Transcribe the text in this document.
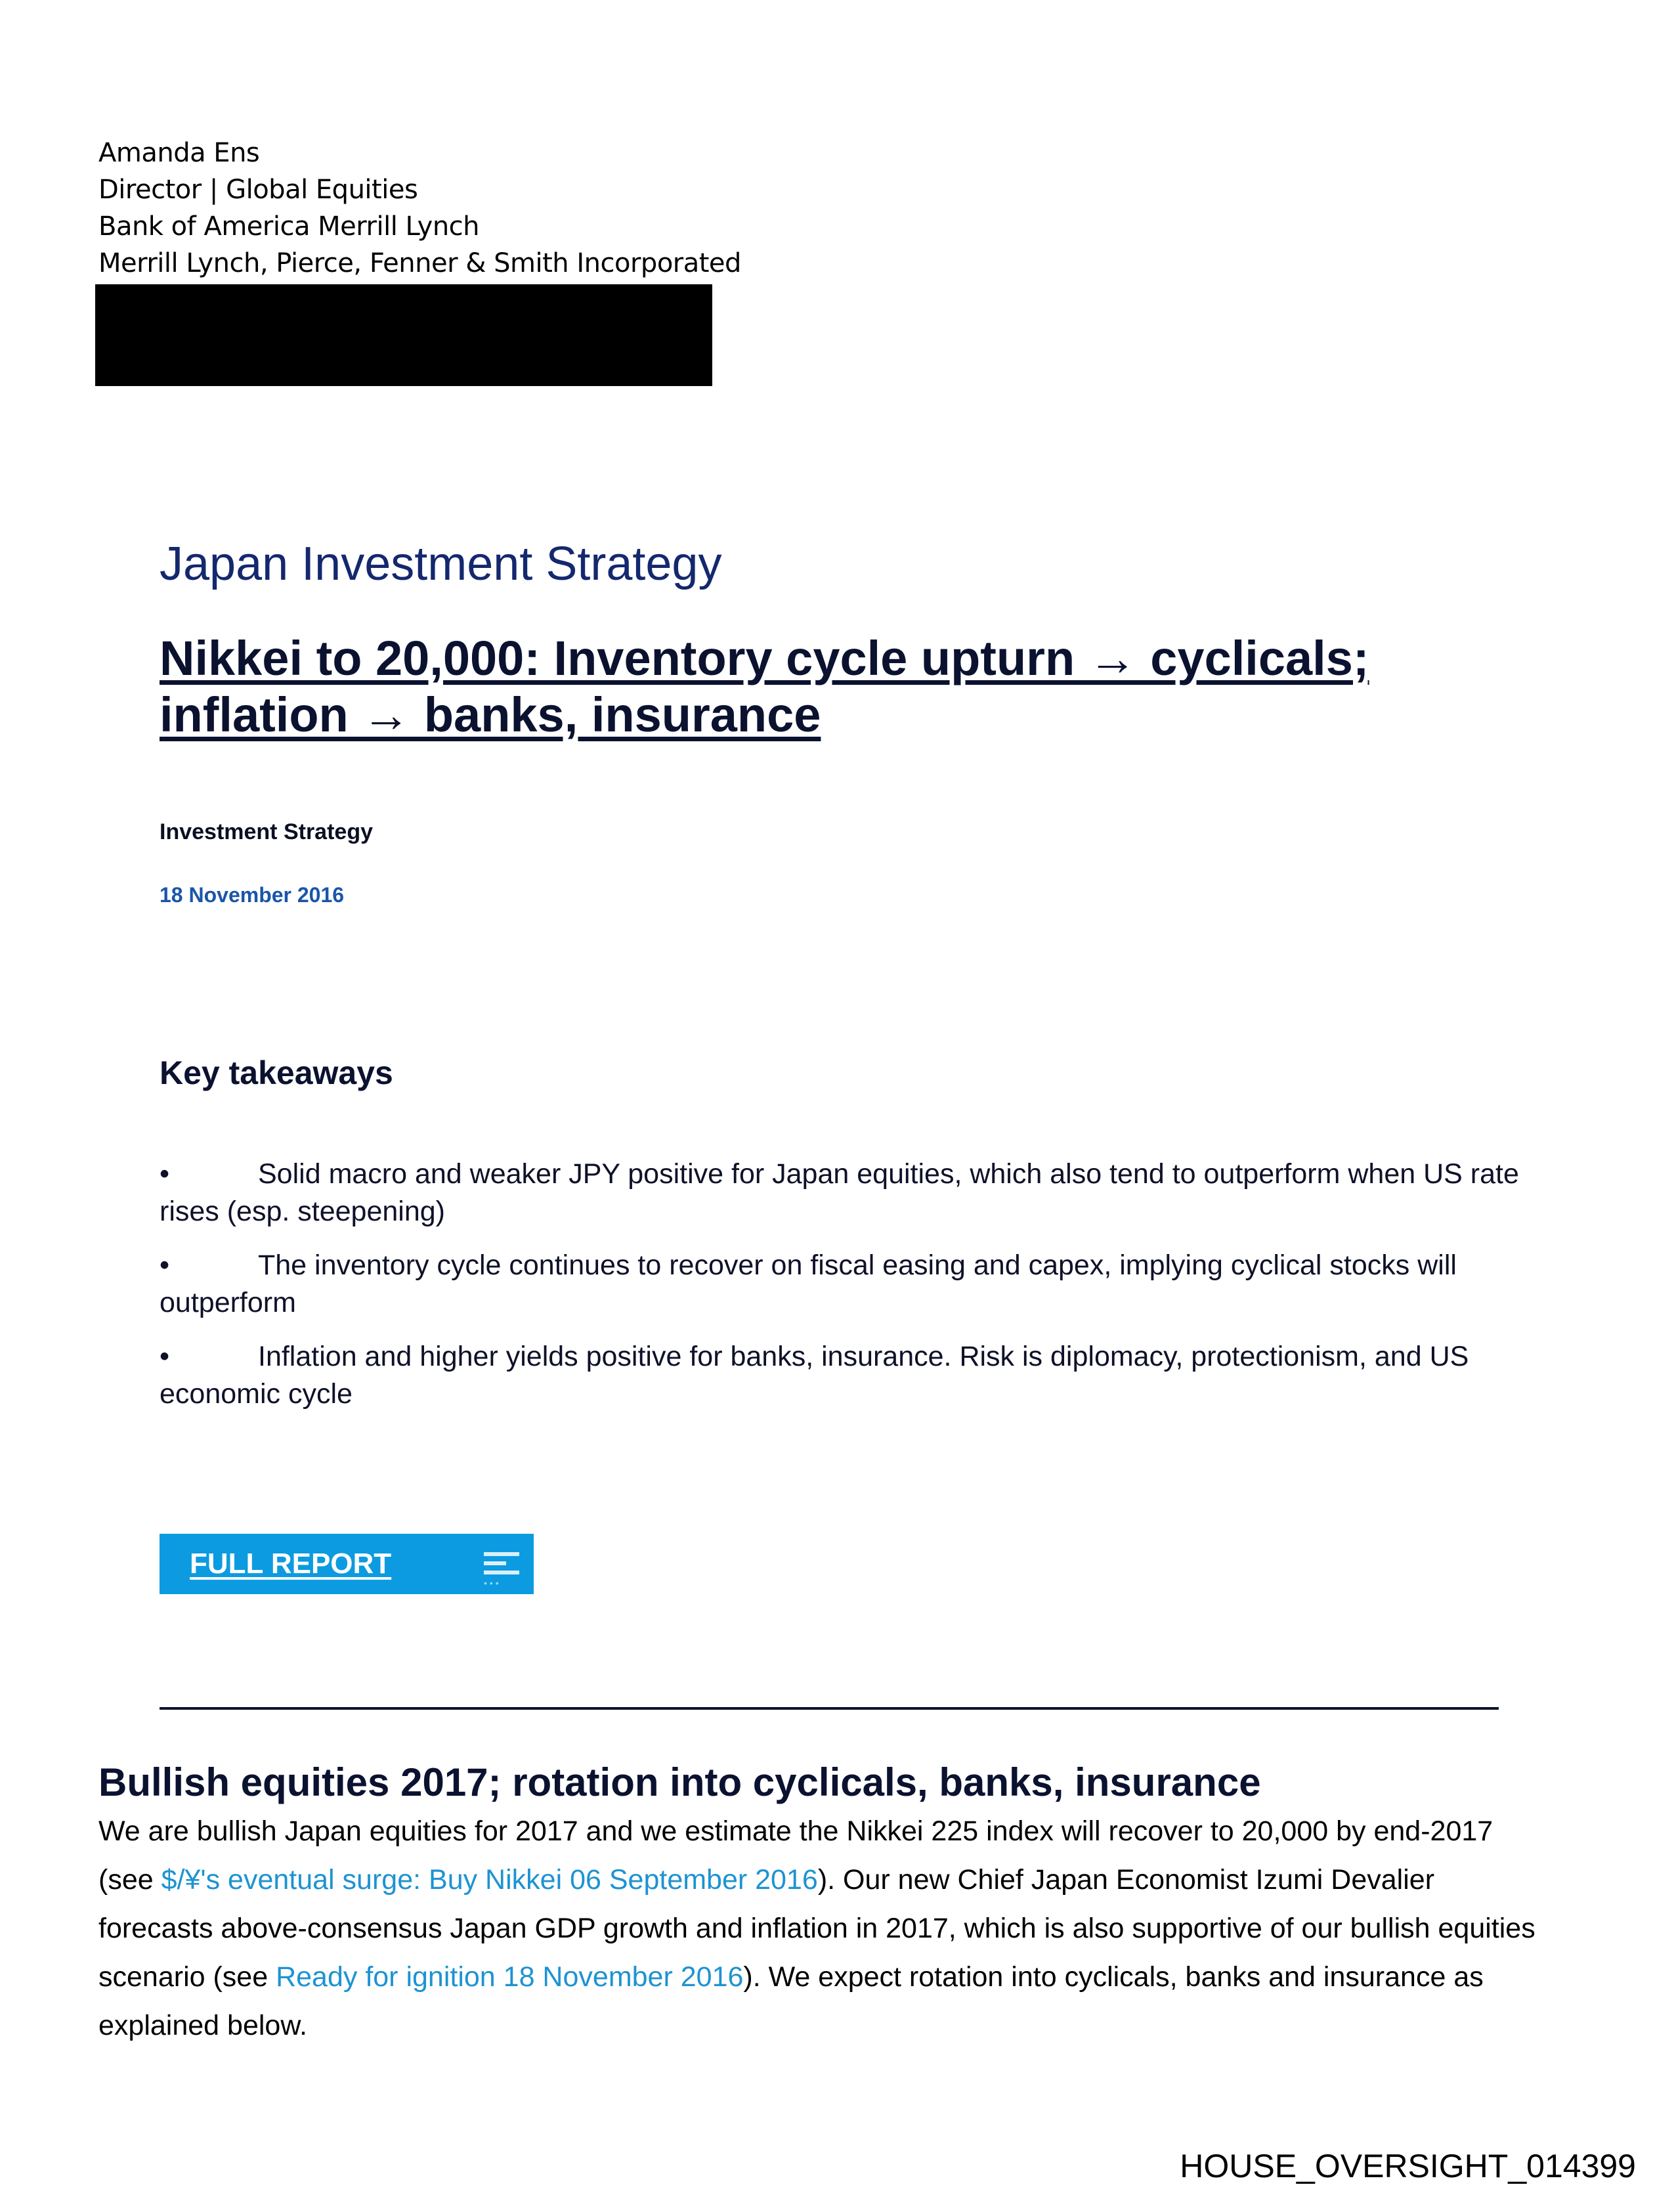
Amanda Ens
Director | Global Equities
Bank of America Merrill Lynch
Merrill Lynch, Pierce, Fenner & Smith Incorporated
Japan Investment Strategy
Nikkei to 20,000: Inventory cycle upturn → cyclicals;
inflation → banks, insurance
Investment Strategy
18 November 2016
Key takeaways
•	Solid macro and weaker JPY positive for Japan equities, which also tend to outperform when US rate rises (esp. steepening)
•	The inventory cycle continues to recover on fiscal easing and capex, implying cyclical stocks will outperform
•	Inflation and higher yields positive for banks, insurance. Risk is diplomacy, protectionism, and US economic cycle
FULL REPORT
•••
Bullish equities 2017; rotation into cyclicals, banks, insurance
We are bullish Japan equities for 2017 and we estimate the Nikkei 225 index will recover to 20,000 by end-2017 (see $/¥'s eventual surge: Buy Nikkei 06 September 2016). Our new Chief Japan Economist Izumi Devalier forecasts above-consensus Japan GDP growth and inflation in 2017, which is also supportive of our bullish equities scenario (see Ready for ignition 18 November 2016). We expect rotation into cyclicals, banks and insurance as explained below.
HOUSE_OVERSIGHT_014399
